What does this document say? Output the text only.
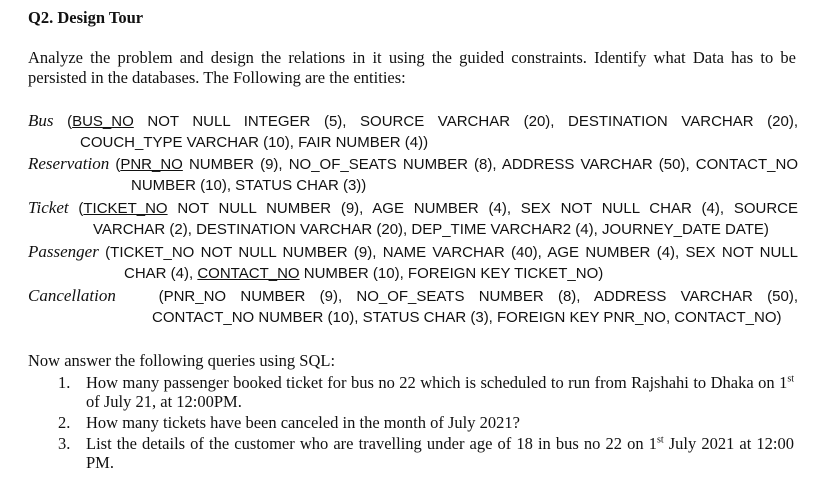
Q2. Design Tour
Analyze the problem and design the relations in it using the guided constraints. Identify what Data has to be persisted in the databases. The Following are the entities:
Bus (BUS_NO NOT NULL INTEGER (5), SOURCE VARCHAR (20), DESTINATION VARCHAR (20),
COUCH_TYPE VARCHAR (10), FAIR NUMBER (4))
Reservation (PNR_NO NUMBER (9), NO_OF_SEATS NUMBER (8), ADDRESS VARCHAR (50), CONTACT_NO
NUMBER (10), STATUS CHAR (3))
Ticket (TICKET_NO NOT NULL NUMBER (9), AGE NUMBER (4), SEX NOT NULL CHAR (4), SOURCE
VARCHAR (2), DESTINATION VARCHAR (20), DEP_TIME VARCHAR2 (4), JOURNEY_DATE DATE)
Passenger (TICKET_NO NOT NULL NUMBER (9), NAME VARCHAR (40), AGE NUMBER (4), SEX NOT NULL
CHAR (4), CONTACT_NO NUMBER (10), FOREIGN KEY TICKET_NO)
Cancellation	(PNR_NO NUMBER (9), NO_OF_SEATS NUMBER (8), ADDRESS VARCHAR (50),
CONTACT_NO NUMBER (10), STATUS CHAR (3), FOREIGN KEY PNR_NO, CONTACT_NO)
Now answer the following queries using SQL:
1. How many passenger booked ticket for bus no 22 which is scheduled to run from Rajshahi to Dhaka on 1st of July 21, at 12:00PM.
2. How many tickets have been canceled in the month of July 2021?
3. List the details of the customer who are travelling under age of 18 in bus no 22 on 1st July 2021 at 12:00 PM.
